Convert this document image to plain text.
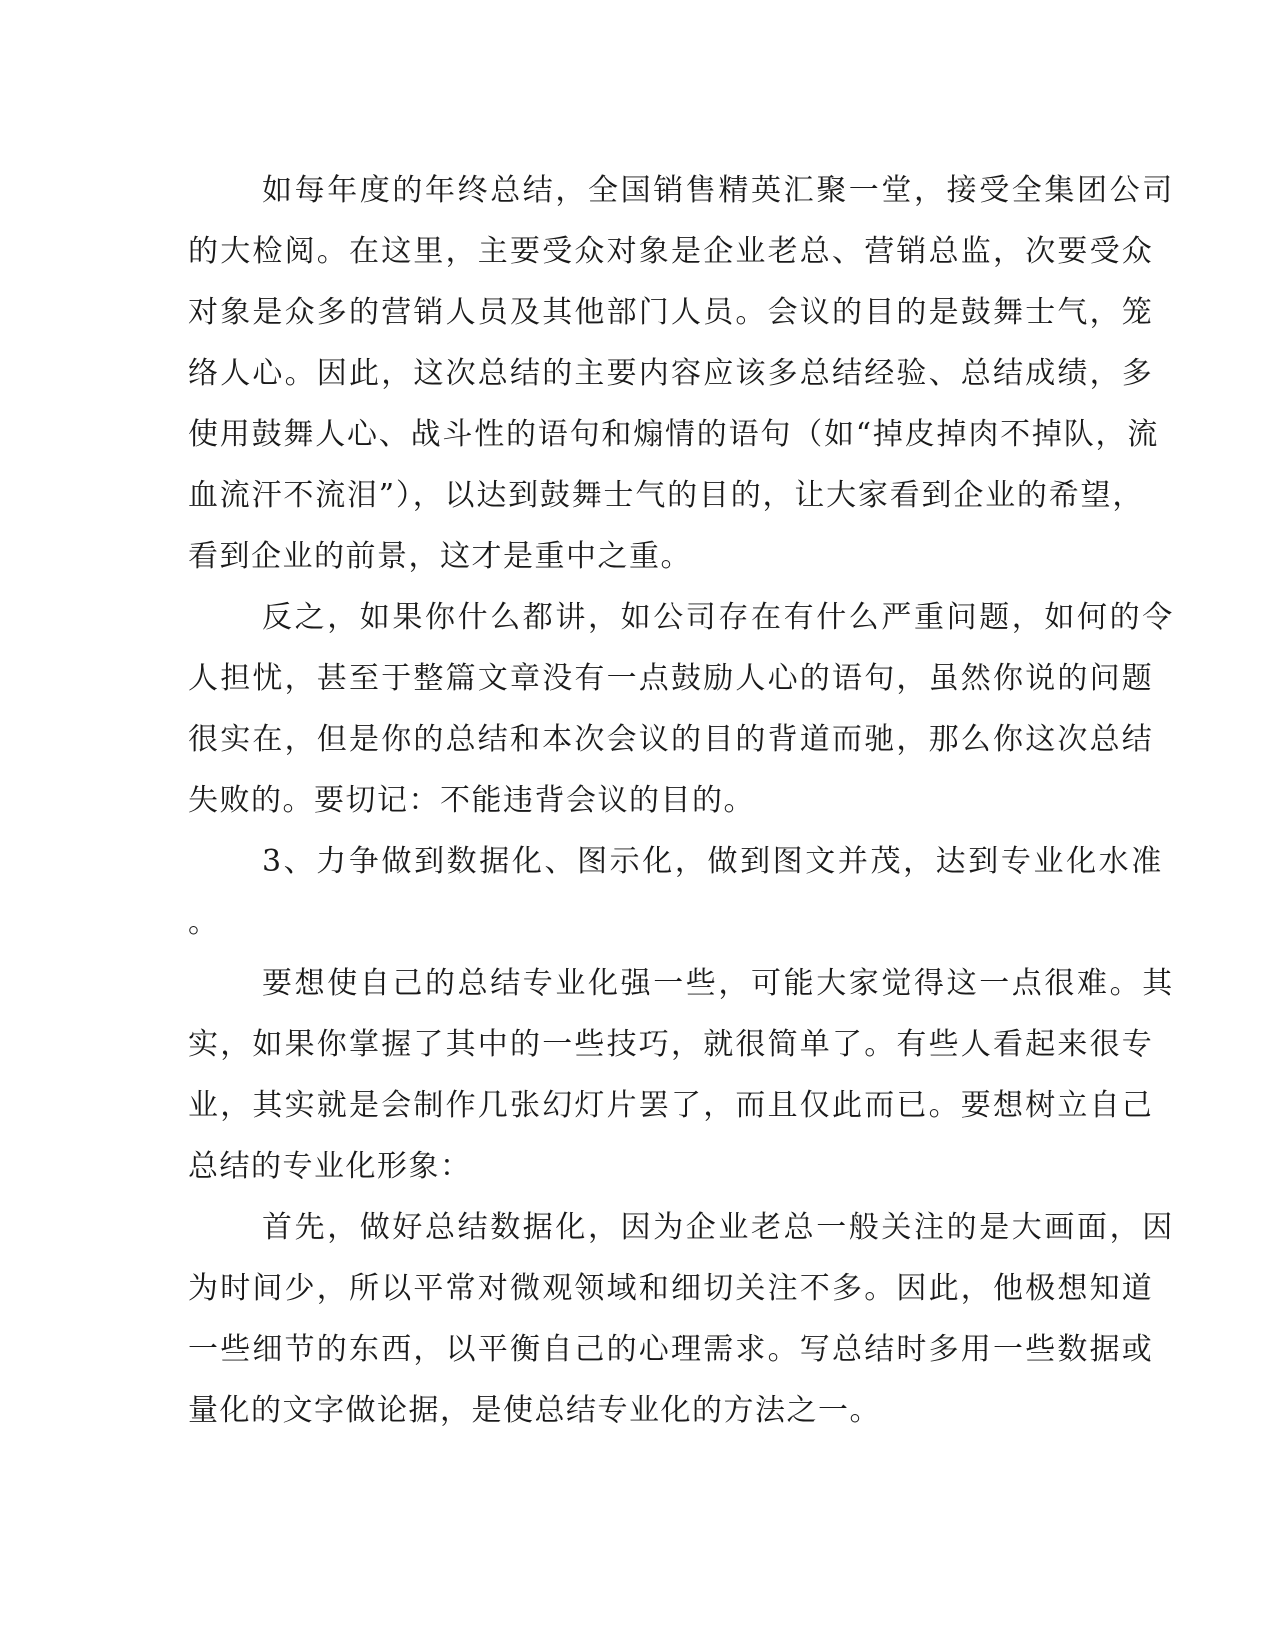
如每年度的年终总结，全国销售精英汇聚一堂，接受全集团公司
的大检阅。在这里，主要受众对象是企业老总、营销总监，次要受众
对象是众多的营销人员及其他部门人员。会议的目的是鼓舞士气，笼
络人心。因此，这次总结的主要内容应该多总结经验、总结成绩，多
使用鼓舞人心、战斗性的语句和煽情的语句（如“掉皮掉肉不掉队，流
血流汗不流泪”），以达到鼓舞士气的目的，让大家看到企业的希望，
看到企业的前景，这才是重中之重。
反之，如果你什么都讲，如公司存在有什么严重问题，如何的令
人担忧，甚至于整篇文章没有一点鼓励人心的语句，虽然你说的问题
很实在，但是你的总结和本次会议的目的背道而驰，那么你这次总结
失败的。要切记：不能违背会议的目的。
3、力争做到数据化、图示化，做到图文并茂，达到专业化水准
。
要想使自己的总结专业化强一些，可能大家觉得这一点很难。其
实，如果你掌握了其中的一些技巧，就很简单了。有些人看起来很专
业，其实就是会制作几张幻灯片罢了，而且仅此而已。要想树立自己
总结的专业化形象：
首先，做好总结数据化，因为企业老总一般关注的是大画面，因
为时间少，所以平常对微观领域和细切关注不多。因此，他极想知道
一些细节的东西，以平衡自己的心理需求。写总结时多用一些数据或
量化的文字做论据，是使总结专业化的方法之一。
